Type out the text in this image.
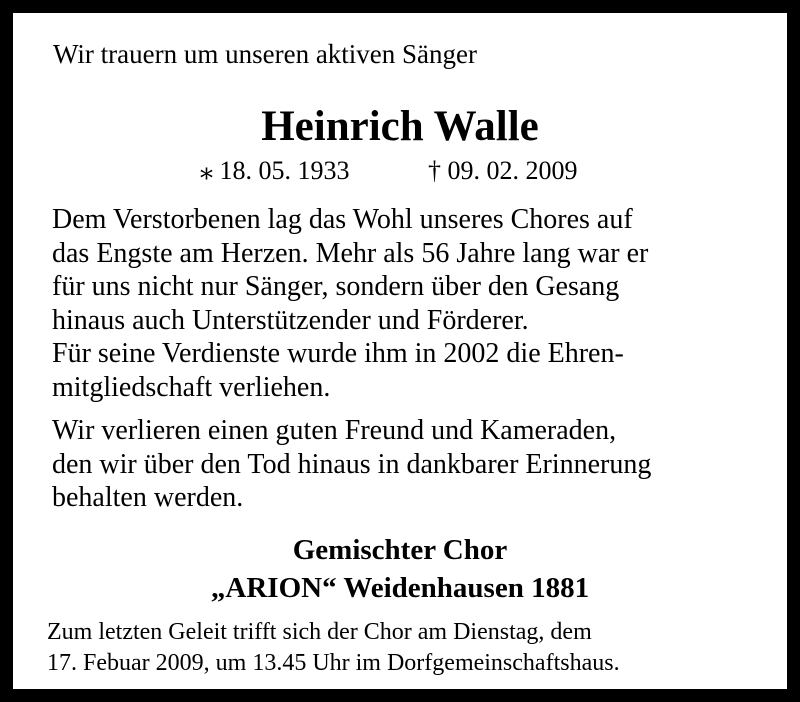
Wir trauern um unseren aktiven Sänger
Heinrich Walle
⁎ 18. 05. 1933	† 09. 02. 2009
Dem Verstorbenen lag das Wohl unseres Chores auf
das Engste am Herzen. Mehr als 56 Jahre lang war er
für uns nicht nur Sänger, sondern über den Gesang
hinaus auch Unterstützender und Förderer.
Für seine Verdienste wurde ihm in 2002 die Ehren-
mitgliedschaft verliehen.
Wir verlieren einen guten Freund und Kameraden,
den wir über den Tod hinaus in dankbarer Erinnerung
behalten werden.
Gemischter Chor
„ARION“ Weidenhausen 1881
Zum letzten Geleit trifft sich der Chor am Dienstag, dem
17. Febuar 2009, um 13.45 Uhr im Dorfgemeinschaftshaus.
